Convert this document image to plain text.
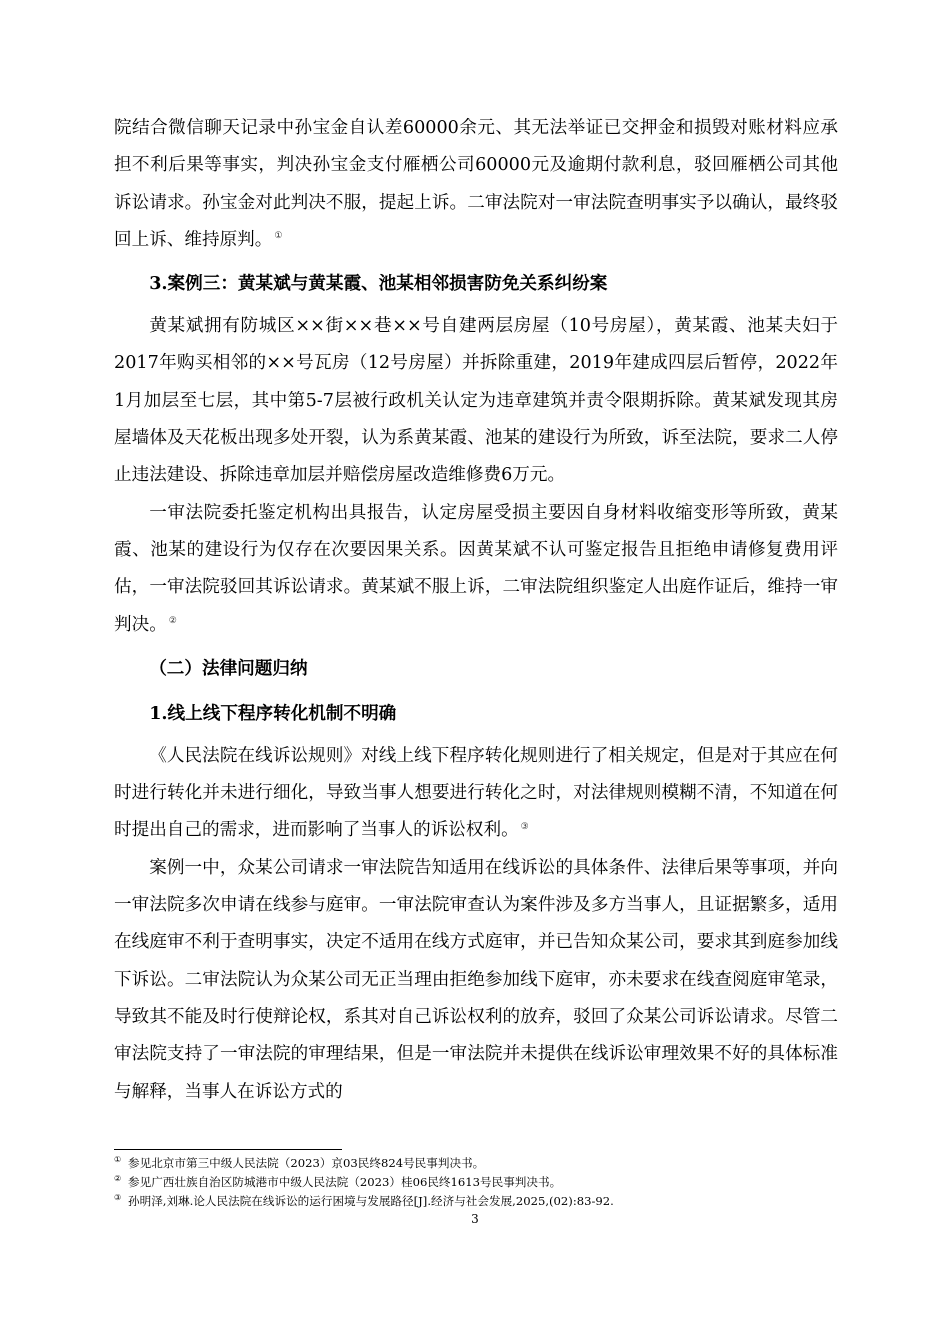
院结合微信聊天记录中孙宝金自认差60000余元、其无法举证已交押金和损毁对账材料应承担不利后果等事实，判决孙宝金支付雁栖公司60000元及逾期付款利息，驳回雁栖公司其他诉讼请求。孙宝金对此判决不服，提起上诉。二审法院对一审法院查明事实予以确认，最终驳回上诉、维持原判。 ①

3.案例三：黄某斌与黄某霞、池某相邻损害防免关系纠纷案

黄某斌拥有防城区××街××巷××号自建两层房屋（10号房屋），黄某霞、池某夫妇于2017年购买相邻的××号瓦房（12号房屋）并拆除重建，2019年建成四层后暂停，2022年1月加层至七层，其中第5-7层被行政机关认定为违章建筑并责令限期拆除。黄某斌发现其房屋墙体及天花板出现多处开裂，认为系黄某霞、池某的建设行为所致，诉至法院，要求二人停止违法建设、拆除违章加层并赔偿房屋改造维修费6万元。

一审法院委托鉴定机构出具报告，认定房屋受损主要因自身材料收缩变形等所致，黄某霞、池某的建设行为仅存在次要因果关系。因黄某斌不认可鉴定报告且拒绝申请修复费用评估，一审法院驳回其诉讼请求。黄某斌不服上诉，二审法院组织鉴定人出庭作证后，维持一审判决。 ②

（二）法律问题归纳
1.线上线下程序转化机制不明确

《人民法院在线诉讼规则》对线上线下程序转化规则进行了相关规定，但是对于其应在何时进行转化并未进行细化，导致当事人想要进行转化之时，对法律规则模糊不清，不知道在何时提出自己的需求，进而影响了当事人的诉讼权利。 ③

案例一中，众某公司请求一审法院告知适用在线诉讼的具体条件、法律后果等事项，并向一审法院多次申请在线参与庭审。一审法院审查认为案件涉及多方当事人，且证据繁多，适用在线庭审不利于查明事实，决定不适用在线方式庭审，并已告知众某公司，要求其到庭参加线下诉讼。二审法院认为众某公司无正当理由拒绝参加线下庭审，亦未要求在线查阅庭审笔录，导致其不能及时行使辩论权，系其对自己诉讼权利的放弃，驳回了众某公司诉讼请求。尽管二审法院支持了一审法院的审理结果，但是一审法院并未提供在线诉讼审理效果不好的具体标准与解释，当事人在诉讼方式的

① 参见北京市第三中级人民法院（2023）京03民终824号民事判决书。
② 参见广西壮族自治区防城港市中级人民法院（2023）桂06民终1613号民事判决书。
③ 孙明泽,刘琳.论人民法院在线诉讼的运行困境与发展路径[J].经济与社会发展,2025,(02):83-92.
3
